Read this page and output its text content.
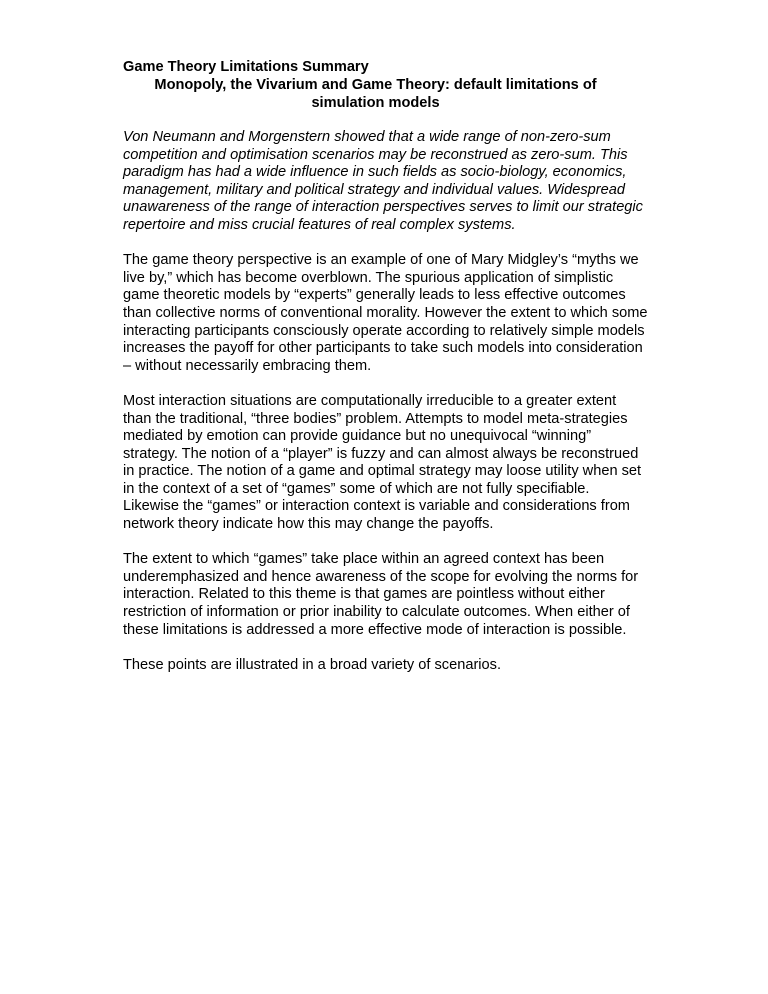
Game Theory Limitations Summary

Monopoly, the Vivarium and Game Theory: default limitations of simulation models

Von Neumann and Morgenstern showed that a wide range of non-zero-sum competition and optimisation scenarios may be reconstrued as zero-sum. This paradigm has had a wide influence in such fields as socio-biology, economics, management, military and political strategy and individual values. Widespread unawareness of the range of interaction perspectives serves to limit our strategic repertoire and miss crucial features of real complex systems.

The game theory perspective is an example of one of Mary Midgley’s “myths we live by,” which has become overblown. The spurious application of simplistic game theoretic models by “experts” generally leads to less effective outcomes than collective norms of conventional morality. However the extent to which some interacting participants consciously operate according to relatively simple models increases the payoff for other participants to take such models into consideration – without necessarily embracing them.

Most interaction situations are computationally irreducible to a greater extent than the traditional, “three bodies” problem. Attempts to model meta-strategies mediated by emotion can provide guidance but no unequivocal “winning” strategy. The notion of a “player” is fuzzy and can almost always be reconstrued in practice. The notion of a game and optimal strategy may loose utility when set in the context of a set of “games” some of which are not fully specifiable. Likewise the “games” or interaction context is variable and considerations from network theory indicate how this may change the payoffs.

The extent to which “games” take place within an agreed context has been underemphasized and hence awareness of the scope for evolving the norms for interaction. Related to this theme is that games are pointless without either restriction of information or prior inability to calculate outcomes. When either of these limitations is addressed a more effective mode of interaction is possible.

These points are illustrated in a broad variety of scenarios.
